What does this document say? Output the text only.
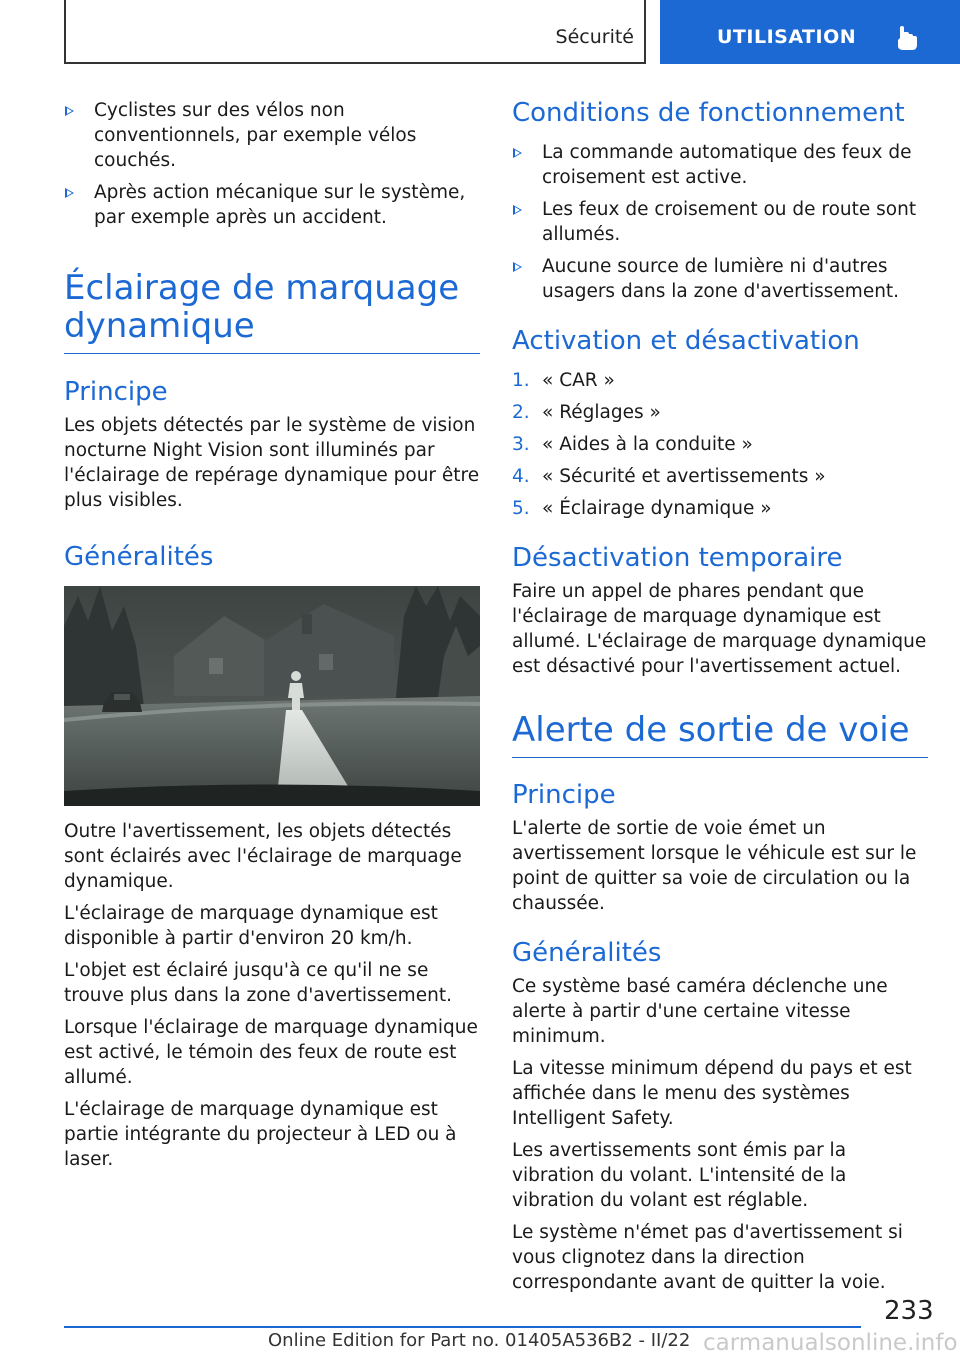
Sécurité	UTILISATION
Cyclistes sur des vélos non conventionnels, par exemple vélos couchés.
Après action mécanique sur le système, par exemple après un accident.
Éclairage de marquage dynamique
Principe

Les objets détectés par le système de vision nocturne Night Vision sont illuminés par l'éclairage de repérage dynamique pour être plus visibles.

Généralités

Outre l'avertissement, les objets détectés sont éclairés avec l'éclairage de marquage dynamique.

L'éclairage de marquage dynamique est disponible à partir d'environ 20 km/h.

L'objet est éclairé jusqu'à ce qu'il ne se trouve plus dans la zone d'avertissement.

Lorsque l'éclairage de marquage dynamique est activé, le témoin des feux de route est allumé.

L'éclairage de marquage dynamique est partie intégrante du projecteur à LED ou à laser.

Conditions de fonctionnement
La commande automatique des feux de croisement est active.
Les feux de croisement ou de route sont allumés.
Aucune source de lumière ni d'autres usagers dans la zone d'avertissement.
Activation et désactivation
1. « CAR »
2. « Réglages »
3. « Aides à la conduite »
4. « Sécurité et avertissements »
5. « Éclairage dynamique »
Désactivation temporaire

Faire un appel de phares pendant que l'éclairage de marquage dynamique est allumé. L'éclairage de marquage dynamique est désactivé pour l'avertissement actuel.

Alerte de sortie de voie
Principe

L'alerte de sortie de voie émet un avertissement lorsque le véhicule est sur le point de quitter sa voie de circulation ou la chaussée.

Généralités

Ce système basé caméra déclenche une alerte à partir d'une certaine vitesse minimum.

La vitesse minimum dépend du pays et est affichée dans le menu des systèmes Intelligent Safety.

Les avertissements sont émis par la vibration du volant. L'intensité de la vibration du volant est réglable.

Le système n'émet pas d'avertissement si vous clignotez dans la direction correspondante avant de quitter la voie.

233
Online Edition for Part no. 01405A536B2 - II/22 carmanualsonline.info
